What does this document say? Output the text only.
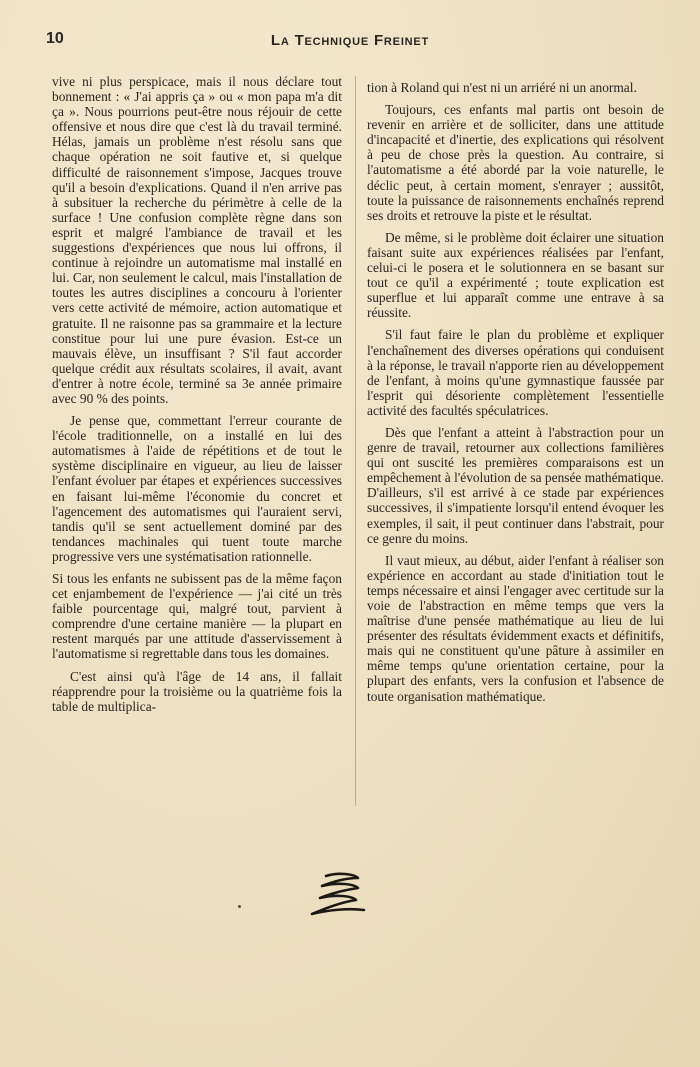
10	La Technique Freinet

vive ni plus perspicace, mais il nous déclare tout bonnement : « J'ai appris ça » ou « mon papa m'a dit ça ». Nous pourrions peut-être nous réjouir de cette offensive et nous dire que c'est là du travail terminé. Hélas, jamais un problème n'est résolu sans que chaque opération ne soit fautive et, si quelque difficulté de raisonnement s'impose, Jacques trouve qu'il a besoin d'explications. Quand il n'en arrive pas à subsituer la recherche du périmètre à celle de la surface ! Une confusion complète règne dans son esprit et malgré l'ambiance de travail et les suggestions d'expériences que nous lui offrons, il continue à rejoindre un automatisme mal installé en lui. Car, non seulement le calcul, mais l'installation de toutes les autres disciplines a concouru à l'orienter vers cette activité de mémoire, action automatique et gratuite. Il ne raisonne pas sa grammaire et la lecture constitue pour lui une pure évasion. Est-ce un mauvais élève, un insuffisant ? S'il faut accorder quelque crédit aux résultats scolaires, il avait, avant d'entrer à notre école, terminé sa 3e année primaire avec 90 % des points.

Je pense que, commettant l'erreur courante de l'école traditionnelle, on a installé en lui des automatismes à l'aide de répétitions et de tout le système disciplinaire en vigueur, au lieu de laisser l'enfant évoluer par étapes et expériences successives en faisant lui-même l'économie du concret et l'agencement des automatismes qui l'auraient servi, tandis qu'il se sent actuellement dominé par des tendances machinales qui tuent toute marche progressive vers une systématisation rationnelle.

Si tous les enfants ne subissent pas de la même façon cet enjambement de l'expérience — j'ai cité un très faible pourcentage qui, malgré tout, parvient à comprendre d'une certaine manière — la plupart en restent marqués par une attitude d'asservissement à l'automatisme si regrettable dans tous les domaines.

C'est ainsi qu'à l'âge de 14 ans, il fallait réapprendre pour la troisième ou la quatrième fois la table de multiplica-

tion à Roland qui n'est ni un arriéré ni un anormal.

Toujours, ces enfants mal partis ont besoin de revenir en arrière et de solliciter, dans une attitude d'incapacité et d'inertie, des explications qui résolvent à peu de chose près la question. Au contraire, si l'automatisme a été abordé par la voie naturelle, le déclic peut, à certain moment, s'enrayer ; aussitôt, toute la puissance de raisonnements enchaînés reprend ses droits et retrouve la piste et le résultat.

De même, si le problème doit éclairer une situation faisant suite aux expériences réalisées par l'enfant, celui-ci le posera et le solutionnera en se basant sur tout ce qu'il a expérimenté ; toute explication est superflue et lui apparaît comme une entrave à sa réussite.

S'il faut faire le plan du problème et expliquer l'enchaînement des diverses opérations qui conduisent à la réponse, le travail n'apporte rien au développement de l'enfant, à moins qu'une gymnastique faussée par l'esprit qui désoriente complètement l'essentielle activité des facultés spéculatrices.

Dès que l'enfant a atteint à l'abstraction pour un genre de travail, retourner aux collections familières qui ont suscité les premières comparaisons est un empêchement à l'évolution de sa pensée mathématique. D'ailleurs, s'il est arrivé à ce stade par expériences successives, il s'impatiente lorsqu'il entend évoquer les exemples, il sait, il peut continuer dans l'abstrait, pour ce genre du moins.

Il vaut mieux, au début, aider l'enfant à réaliser son expérience en accordant au stade d'initiation tout le temps nécessaire et ainsi l'engager avec certitude sur la voie de l'abstraction en même temps que vers la maîtrise d'une pensée mathématique au lieu de lui présenter des résultats évidemment exacts et définitifs, mais qui ne constituent qu'une pâture à assimiler en même temps qu'une orientation certaine, pour la plupart des enfants, vers la confusion et l'absence de toute organisation mathématique.
